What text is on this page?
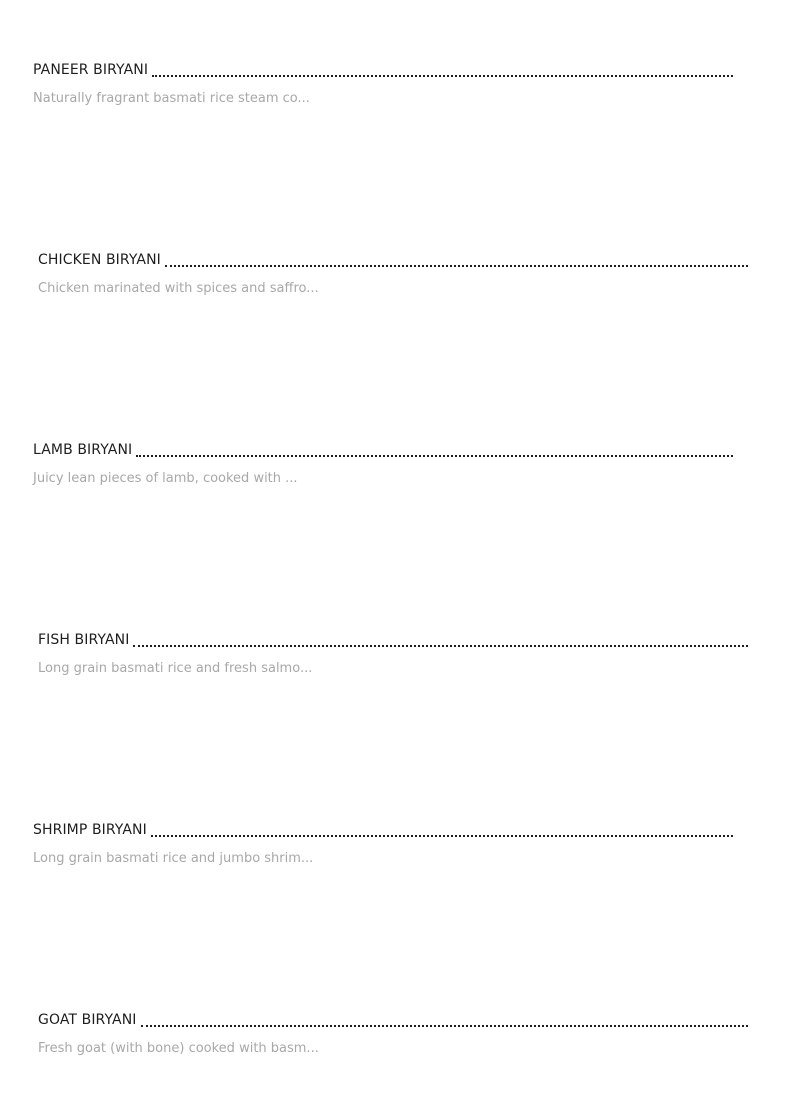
PANEER BIRYANI
Naturally fragrant basmati rice steam co...
CHICKEN BIRYANI
Chicken marinated with spices and saffro...
LAMB BIRYANI
Juicy lean pieces of lamb, cooked with ...
FISH BIRYANI
Long grain basmati rice and fresh salmo...
SHRIMP BIRYANI
Long grain basmati rice and jumbo shrim...
GOAT BIRYANI
Fresh goat (with bone) cooked with basm...
